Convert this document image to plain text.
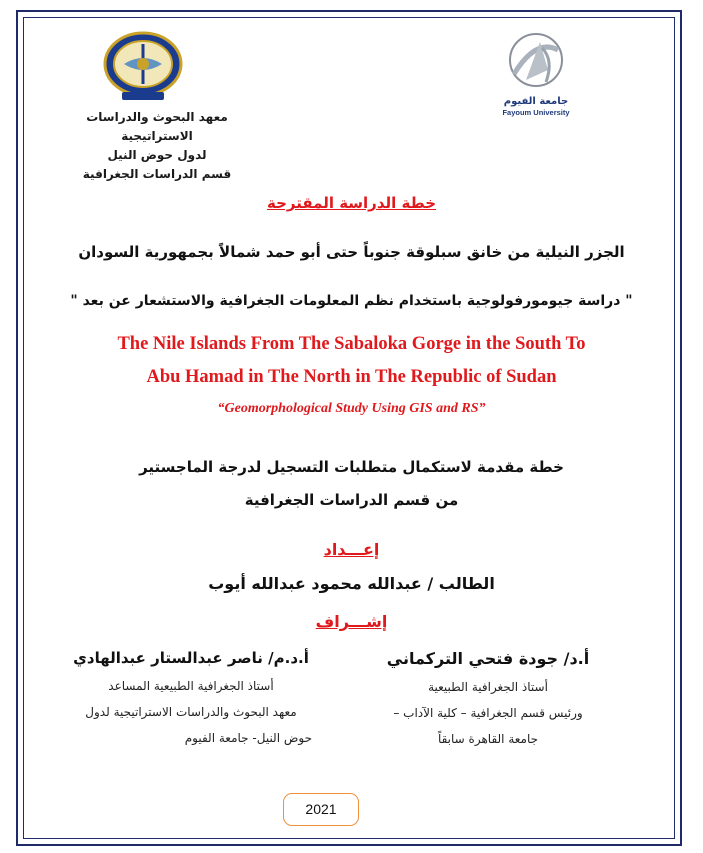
جامعة الفيوم
Fayoum University
معهد البحوث والدراسات الاستراتيجية
لدول حوض النيل
قسم الدراسات الجغرافية
خطة الدراسة المقترحة
الجزر النيلية من خانق سبلوقة جنوباً حتى أبو حمد شمالاً بجمهورية السودان
" دراسة جيومورفولوجية باستخدام نظم المعلومات الجغرافية والاستشعار عن بعد "
The Nile Islands From The Sabaloka Gorge in the South To
Abu Hamad in The North in The Republic of Sudan
“Geomorphological Study Using GIS and RS”
خطة مقدمة لاستكمال متطلبات التسجيل لدرجة الماجستير
من قسم الدراسات الجغرافية
إعـــداد
الطالب / عبدالله محمود عبدالله أيوب
إشـــراف
أ.د/ جودة فتحي التركماني
أستاذ الجغرافية الطبيعية
ورئيس قسم الجغرافية – كلية الآداب –
جامعة القاهرة سابقاً
أ.د.م/ ناصر عبدالستار عبدالهادي
أستاذ الجغرافية الطبيعية المساعد
معهد البحوث والدراسات الاستراتيجية لدول
حوض النيل- جامعة الفيوم
2021
